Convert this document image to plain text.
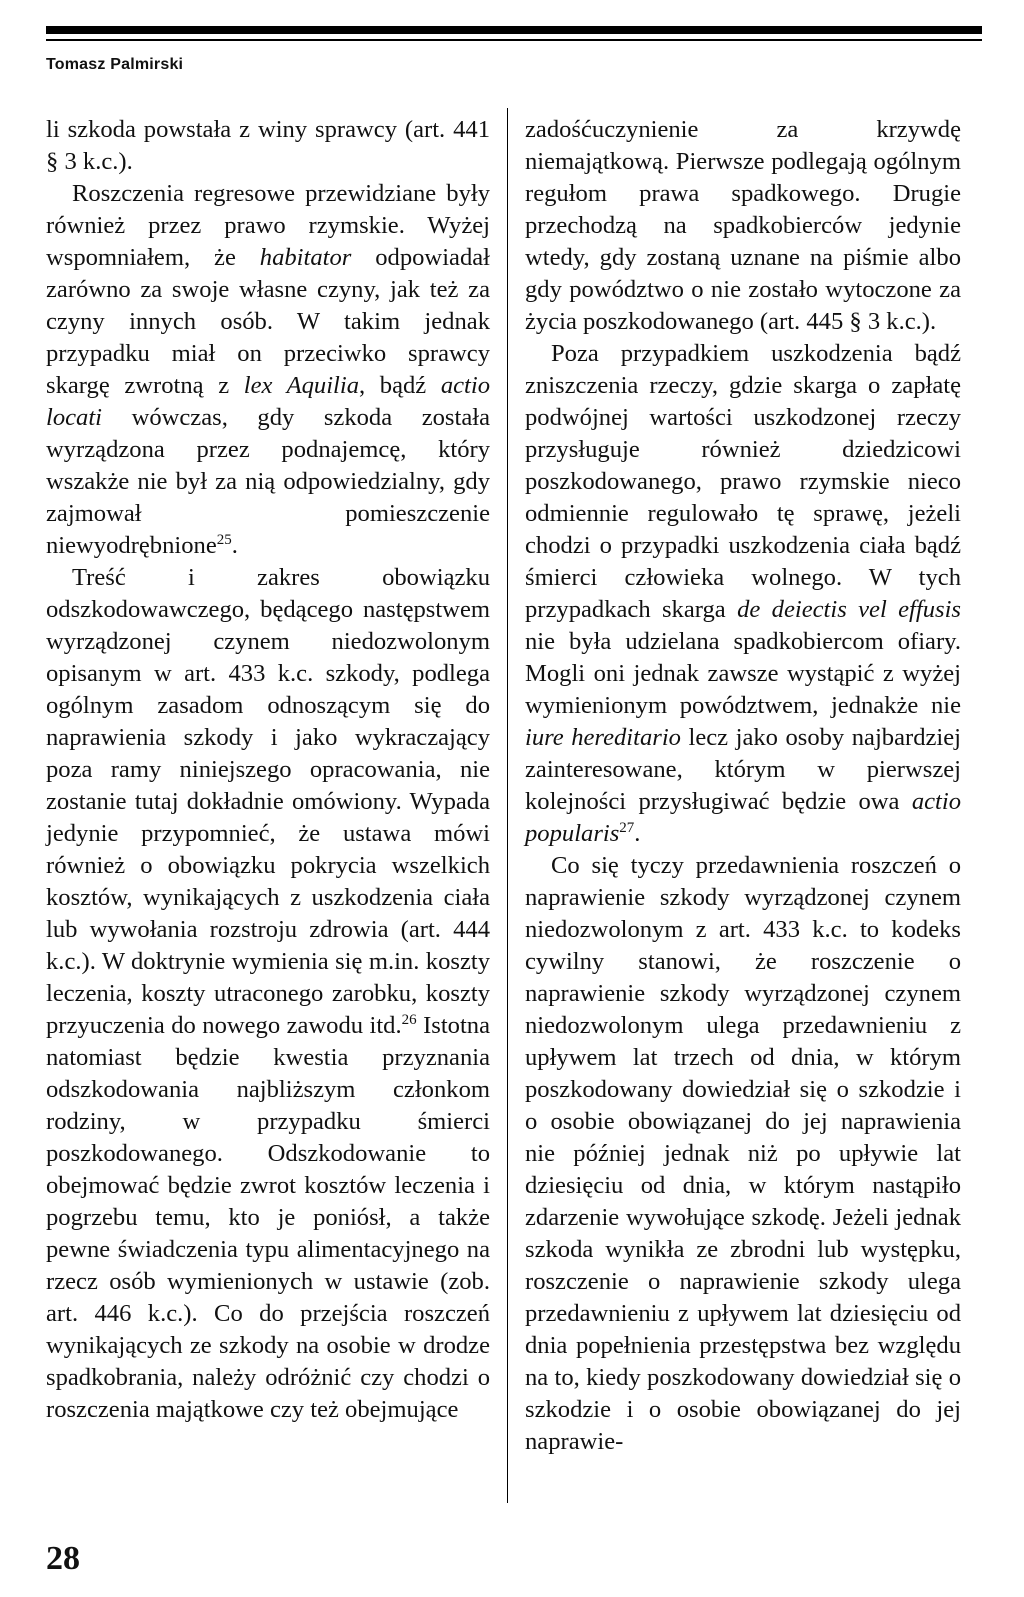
Tomasz Palmirski

li szkoda powstała z winy sprawcy (art. 441 § 3 k.c.).

Roszczenia regresowe przewidziane były również przez prawo rzymskie. Wyżej wspomniałem, że habitator odpowiadał zarówno za swoje własne czyny, jak też za czyny innych osób. W takim jednak przypadku miał on przeciwko sprawcy skargę zwrotną z lex Aquilia, bądź actio locati wówczas, gdy szkoda została wyrządzona przez podnajemcę, który wszakże nie był za nią odpowiedzialny, gdy zajmował pomieszczenie niewyodrębnione$^{25}$.

Treść i zakres obowiązku odszkodowawczego, będącego następstwem wyrządzonej czynem niedozwolonym opisanym w art. 433 k.c. szkody, podlega ogólnym zasadom odnoszącym się do naprawienia szkody i jako wykraczający poza ramy niniejszego opracowania, nie zostanie tutaj dokładnie omówiony. Wypada jedynie przypomnieć, że ustawa mówi również o obowiązku pokrycia wszelkich kosztów, wynikających z uszkodzenia ciała lub wywołania rozstroju zdrowia (art. 444 k.c.). W doktrynie wymienia się m.in. koszty leczenia, koszty utraconego zarobku, koszty przyuczenia do nowego zawodu itd.$^{26}$ Istotna natomiast będzie kwestia przyznania odszkodowania najbliższym członkom rodziny, w przypadku śmierci poszkodowanego. Odszkodowanie to obejmować będzie zwrot kosztów leczenia i pogrzebu temu, kto je poniósł, a także pewne świadczenia typu alimentacyjnego na rzecz osób wymienionych w ustawie (zob. art. 446 k.c.). Co do przejścia roszczeń wynikających ze szkody na osobie w drodze spadkobrania, należy odróżnić czy chodzi o roszczenia majątkowe czy też obejmujące

zadośćuczynienie za krzywdę niemajątkową. Pierwsze podlegają ogólnym regułom prawa spadkowego. Drugie przechodzą na spadkobierców jedynie wtedy, gdy zostaną uznane na piśmie albo gdy powództwo o nie zostało wytoczone za życia poszkodowanego (art. 445 § 3 k.c.).

Poza przypadkiem uszkodzenia bądź zniszczenia rzeczy, gdzie skarga o zapłatę podwójnej wartości uszkodzonej rzeczy przysługuje również dziedzicowi poszkodowanego, prawo rzymskie nieco odmiennie regulowało tę sprawę, jeżeli chodzi o przypadki uszkodzenia ciała bądź śmierci człowieka wolnego. W tych przypadkach skarga de deiectis vel effusis nie była udzielana spadkobiercom ofiary. Mogli oni jednak zawsze wystąpić z wyżej wymienionym powództwem, jednakże nie iure hereditario lecz jako osoby najbardziej zainteresowane, którym w pierwszej kolejności przysługiwać będzie owa actio popularis$^{27}$.

Co się tyczy przedawnienia roszczeń o naprawienie szkody wyrządzonej czynem niedozwolonym z art. 433 k.c. to kodeks cywilny stanowi, że roszczenie o naprawienie szkody wyrządzonej czynem niedozwolonym ulega przedawnieniu z upływem lat trzech od dnia, w którym poszkodowany dowiedział się o szkodzie i o osobie obowiązanej do jej naprawienia nie później jednak niż po upływie lat dziesięciu od dnia, w którym nastąpiło zdarzenie wywołujące szkodę. Jeżeli jednak szkoda wynikła ze zbrodni lub występku, roszczenie o naprawienie szkody ulega przedawnieniu z upływem lat dziesięciu od dnia popełnienia przestępstwa bez względu na to, kiedy poszkodowany dowiedział się o szkodzie i o osobie obowiązanej do jej naprawie-

28
